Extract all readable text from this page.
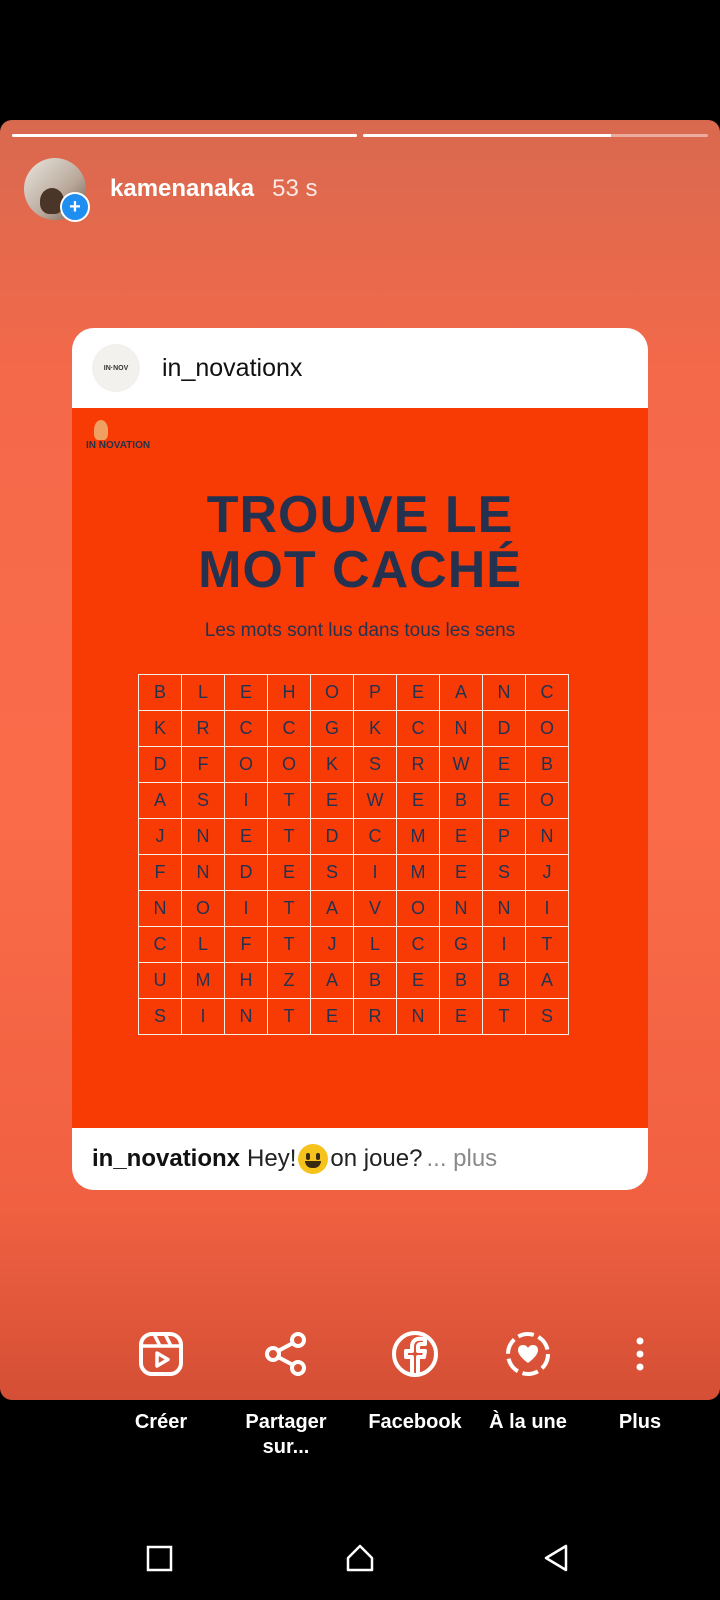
+
kamenanaka 53 s
IN·NOV	in_novationx
IN NOVATION
TROUVE LE
MOT CACHÉ
Les mots sont lus dans tous les sens
B	L	E	H	O	P	E	A	N	C
K	R	C	C	G	K	C	N	D	O
D	F	O	O	K	S	R	W	E	B
A	S	I	T	E	W	E	B	E	O
J	N	E	T	D	C	M	E	P	N
F	N	D	E	S	I	M	E	S	J
N	O	I	T	A	V	O	N	N	I
C	L	F	T	J	L	C	G	I	T
U	M	H	Z	A	B	E	B	B	A
S	I	N	T	E	R	N	E	T	S
in_novationx Hey! on joue? ... plus
Créer	Partager sur...
Facebook	À la une	Plus
